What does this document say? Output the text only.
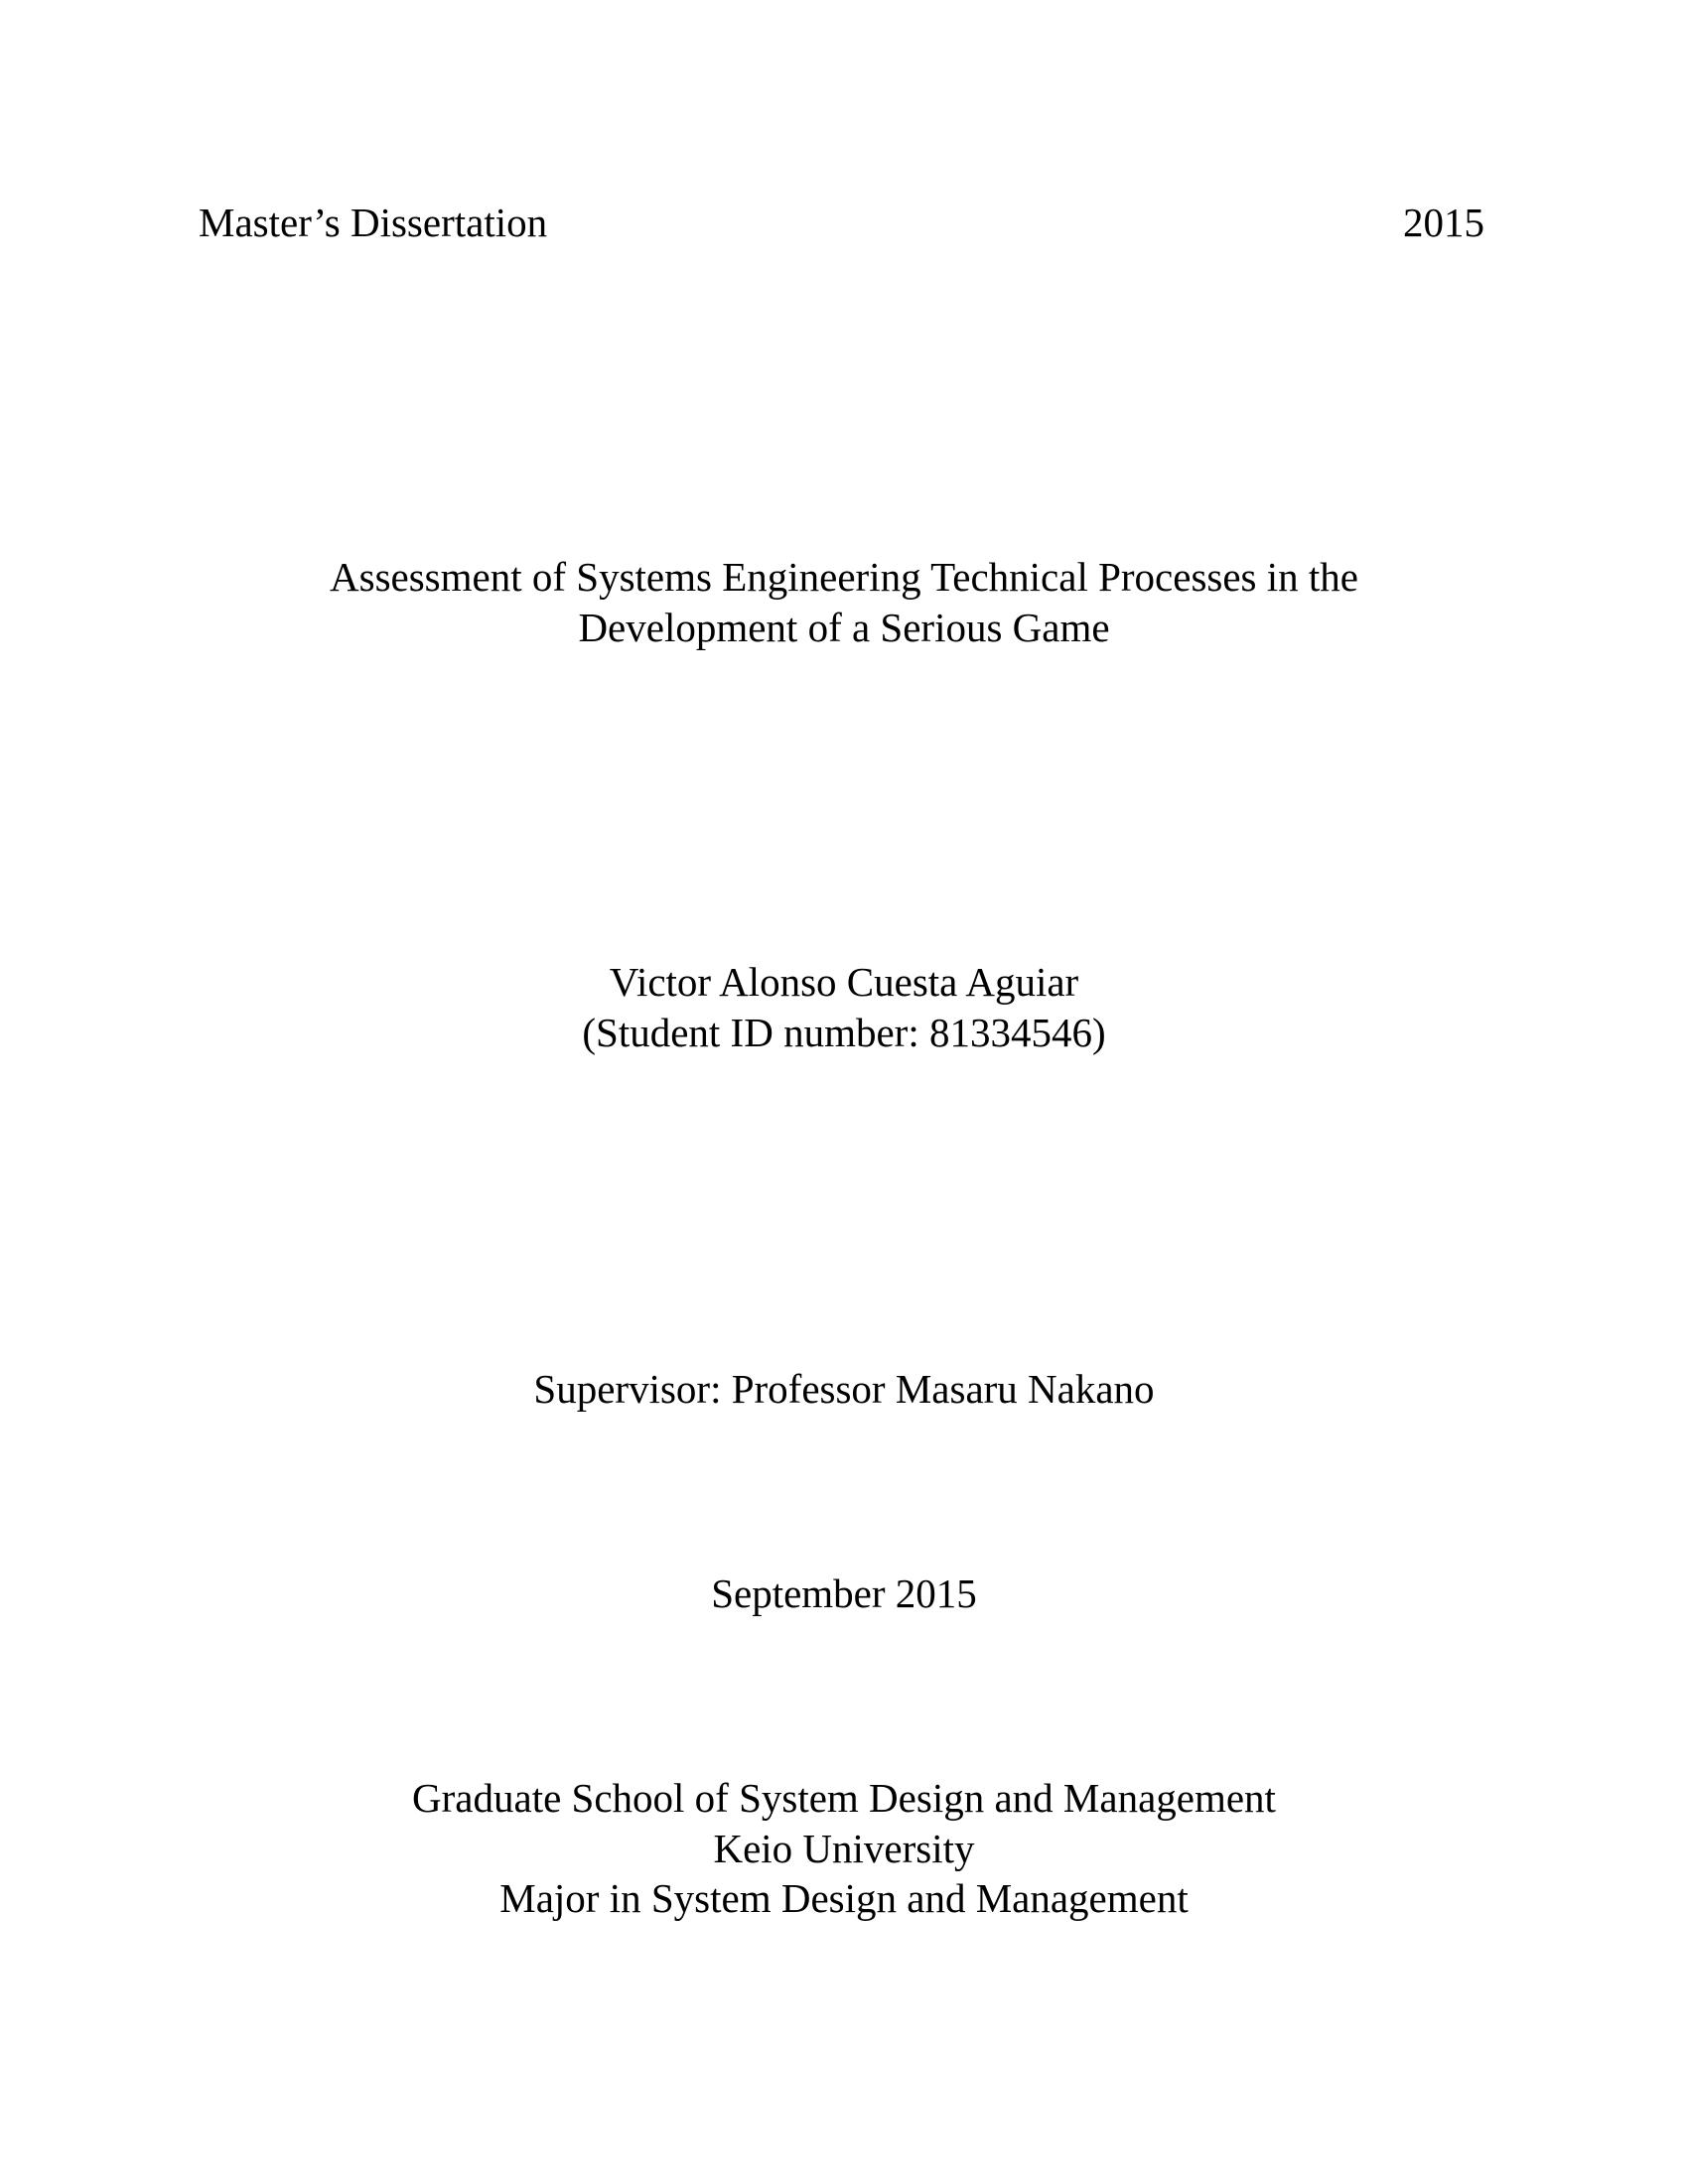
Master’s Dissertation	2015
Assessment of Systems Engineering Technical Processes in the
Development of a Serious Game
Victor Alonso Cuesta Aguiar
(Student ID number: 81334546)
Supervisor: Professor Masaru Nakano
September 2015
Graduate School of System Design and Management
Keio University
Major in System Design and Management
